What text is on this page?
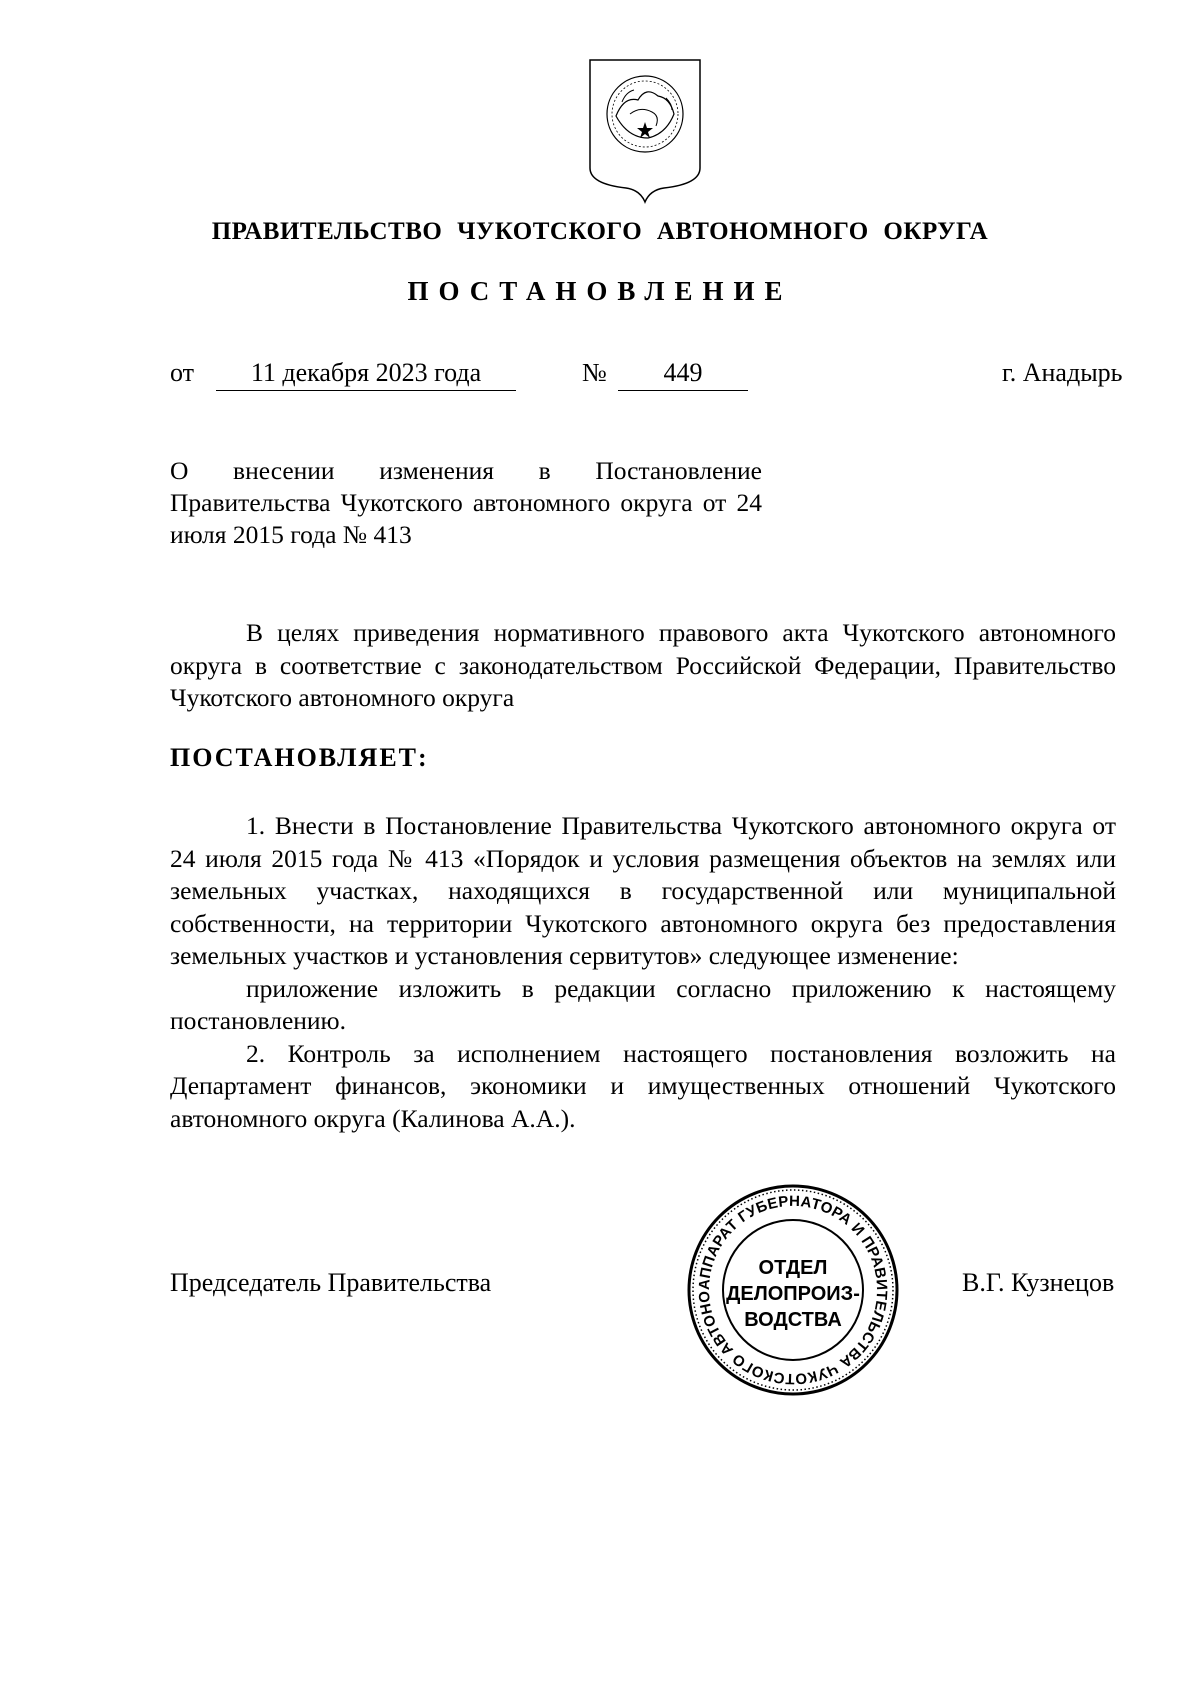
ПРАВИТЕЛЬСТВО ЧУКОТСКОГО АВТОНОМНОГО ОКРУГА
ПОСТАНОВЛЕНИЕ
от	11 декабря 2023 года	№	449	г. Анадырь
О внесении изменения в Постановление Правительства Чукотского автономного округа от 24 июля 2015 года № 413

В целях приведения нормативного правового акта Чукотского автономного округа в соответствие с законодательством Российской Федерации, Правительство Чукотского автономного округа

ПОСТАНОВЛЯЕТ:

1. Внести в Постановление Правительства Чукотского автономного округа от 24 июля 2015 года № 413 «Порядок и условия размещения объектов на землях или земельных участках, находящихся в государственной или муниципальной собственности, на территории Чукотского автономного округа без предоставления земельных участков и установления сервитутов» следующее изменение:

приложение изложить в редакции согласно приложению к настоящему постановлению.

2. Контроль за исполнением настоящего постановления возложить на Департамент финансов, экономики и имущественных отношений Чукотского автономного округа (Калинова А.А.).

Председатель Правительства	В.Г. Кузнецов
АППАРАТ ГУБЕРНАТОРА И ПРАВИТЕЛЬСТВА ЧУКОТСКОГО АВТОНО
ОТДЕЛ
ДЕЛОПРОИЗ-
ВОДСТВА
